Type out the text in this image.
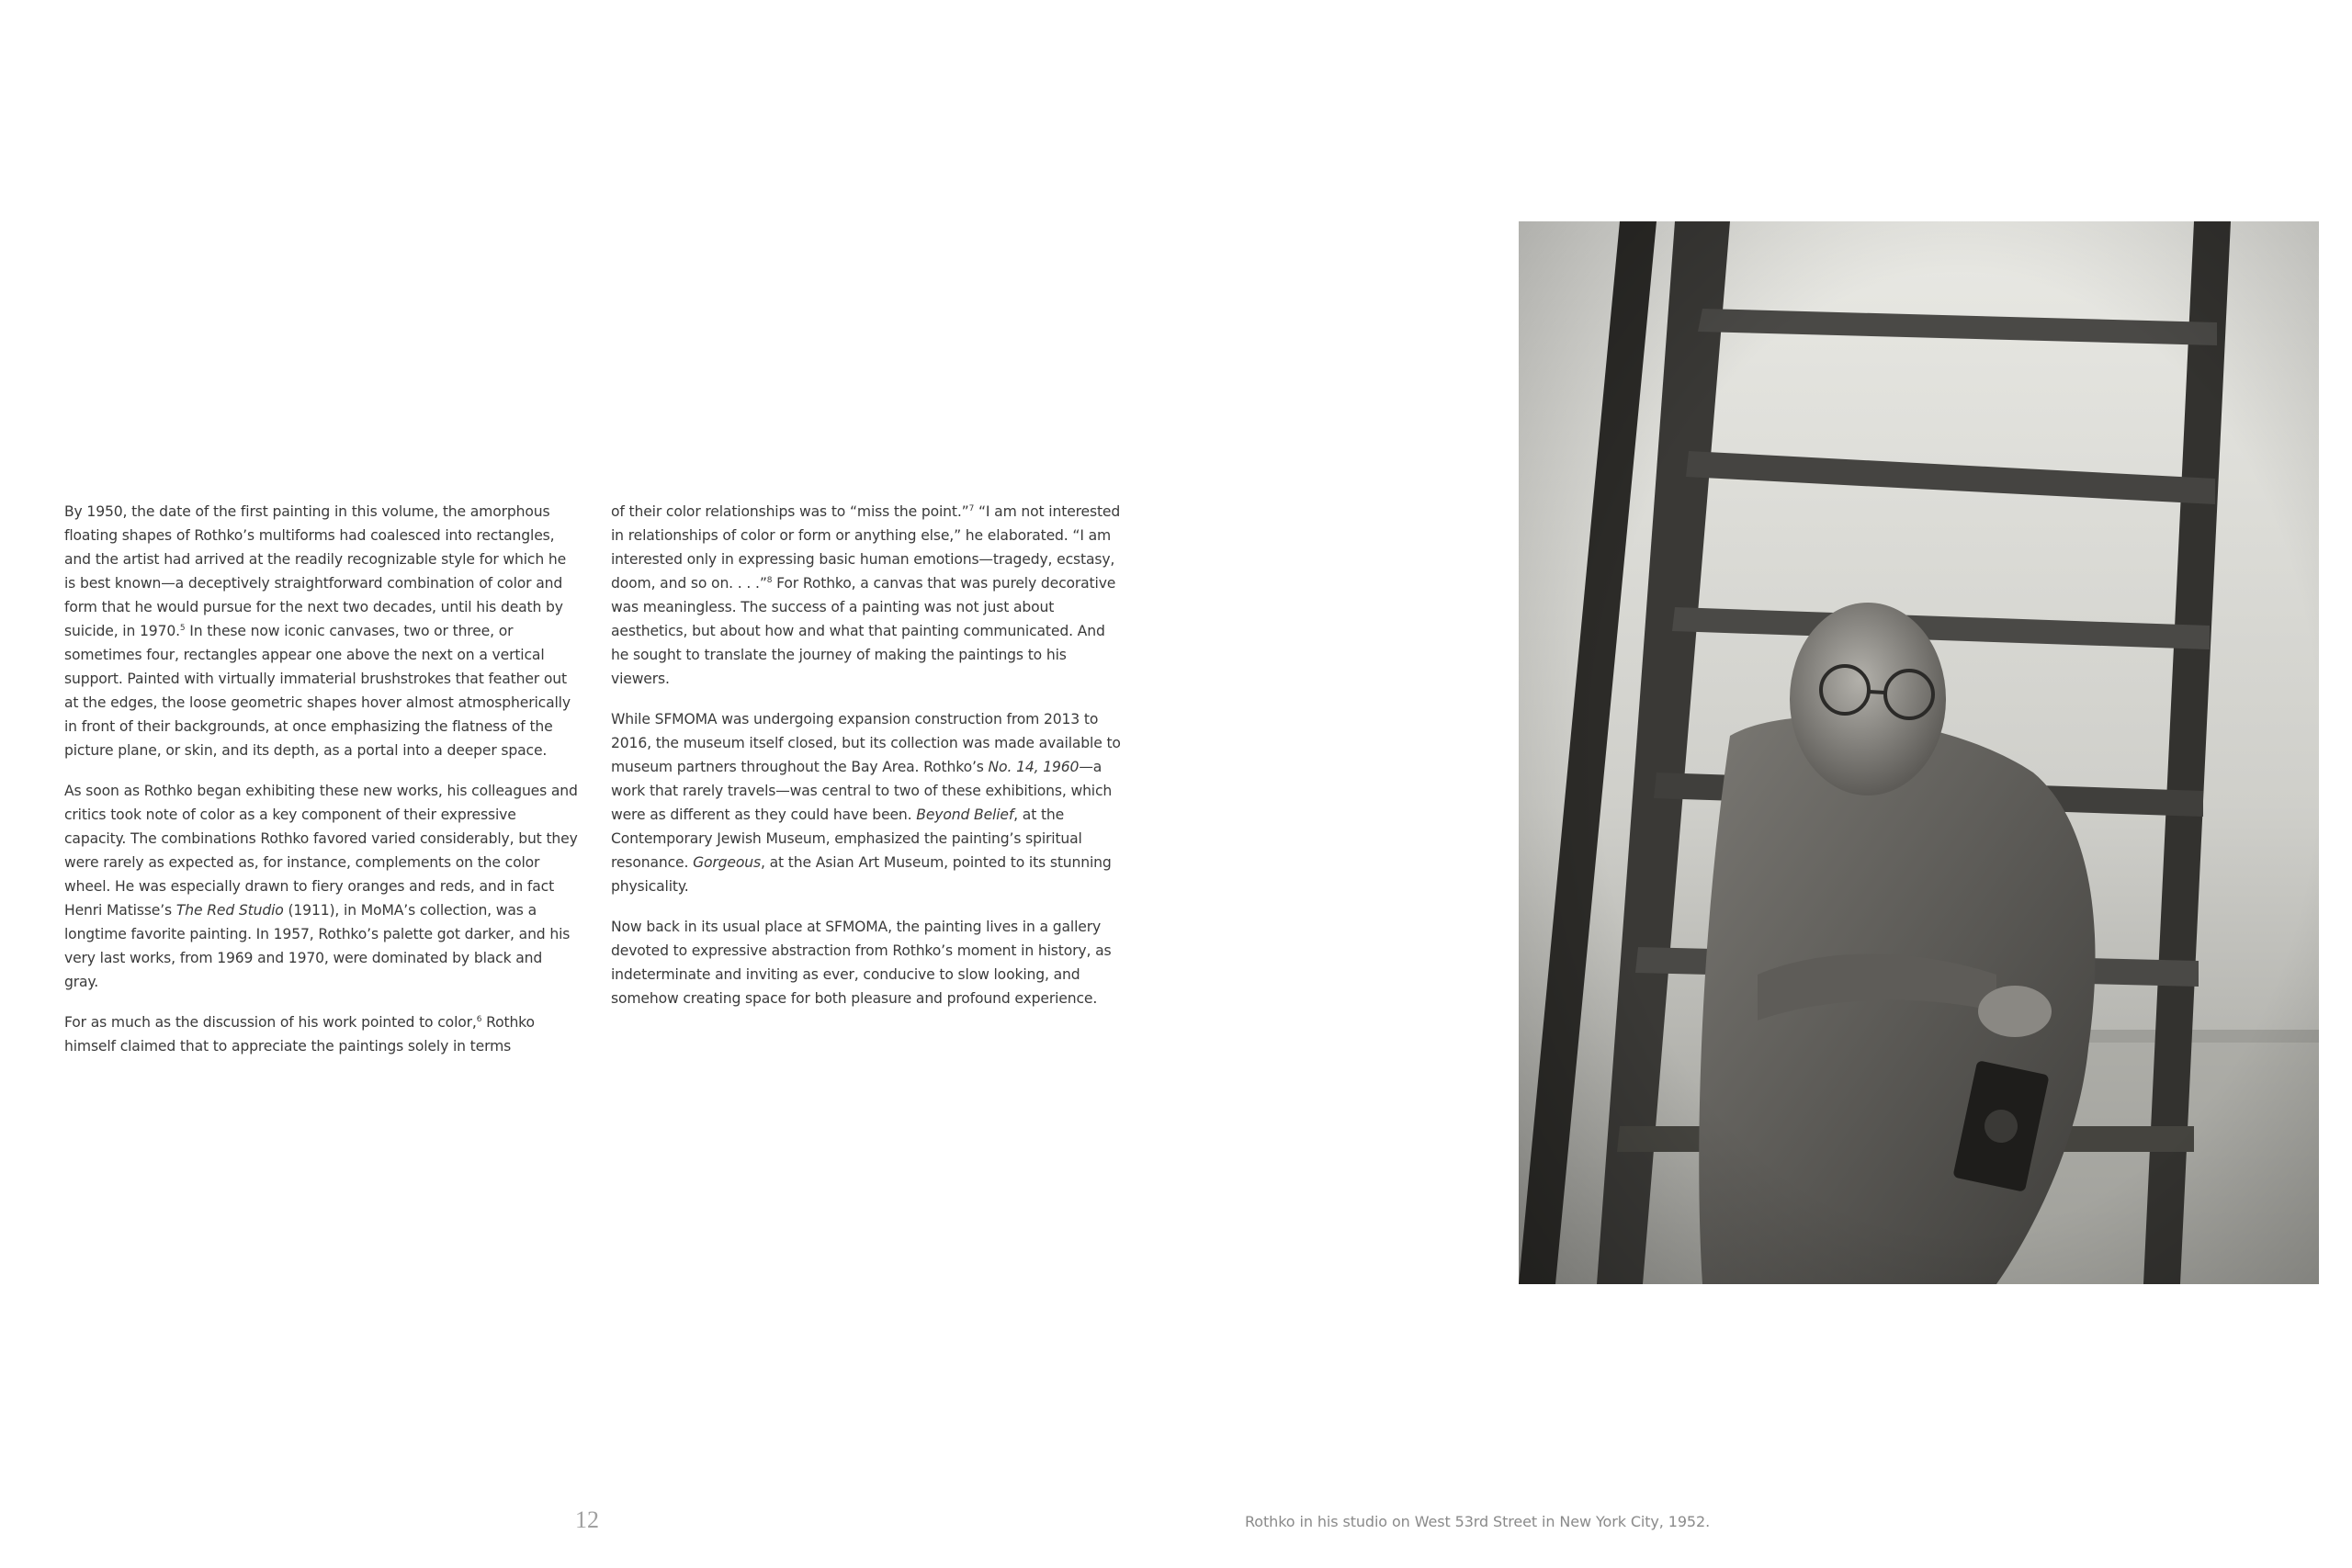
By 1950, the date of the first painting in this volume, the amorphous floating shapes of Rothko’s multiforms had coalesced into rectangles, and the artist had arrived at the readily recognizable style for which he is best known—a deceptively straightforward combination of color and form that he would pursue for the next two decades, until his death by suicide, in 1970.$^5$ In these now iconic canvases, two or three, or sometimes four, rectangles appear one above the next on a vertical support. Painted with virtually immaterial brushstrokes that feather out at the edges, the loose geometric shapes hover almost atmospherically in front of their backgrounds, at once emphasizing the flatness of the picture plane, or skin, and its depth, as a portal into a deeper space.

As soon as Rothko began exhibiting these new works, his colleagues and critics took note of color as a key component of their expressive capacity. The combinations Rothko favored varied considerably, but they were rarely as expected as, for instance, complements on the color wheel. He was especially drawn to fiery oranges and reds, and in fact Henri Matisse’s The Red Studio (1911), in MoMA’s collection, was a longtime favorite painting. In 1957, Rothko’s palette got darker, and his very last works, from 1969 and 1970, were dominated by black and gray.

For as much as the discussion of his work pointed to color,$^6$ Rothko himself claimed that to appreciate the paintings solely in terms

of their color relationships was to “miss the point.”$^7$ “I am not interested in relationships of color or form or anything else,” he elaborated. “I am interested only in expressing basic human emotions—tragedy, ecstasy, doom, and so on. . . .”$^8$ For Rothko, a canvas that was purely decorative was meaningless. The success of a painting was not just about aesthetics, but about how and what that painting communicated. And he sought to translate the journey of making the paintings to his viewers.

While SFMOMA was undergoing expansion construction from 2013 to 2016, the museum itself closed, but its collection was made available to museum partners throughout the Bay Area. Rothko’s No. 14, 1960—a work that rarely travels—was central to two of these exhibitions, which were as different as they could have been. Beyond Belief, at the Contemporary Jewish Museum, emphasized the painting’s spiritual resonance. Gorgeous, at the Asian Art Museum, pointed to its stunning physicality.

Now back in its usual place at SFMOMA, the painting lives in a gallery devoted to expressive abstraction from Rothko’s moment in history, as indeterminate and inviting as ever, conducive to slow looking, and somehow creating space for both pleasure and profound experience.

12	Rothko in his studio on West 53rd Street in New York City, 1952.
